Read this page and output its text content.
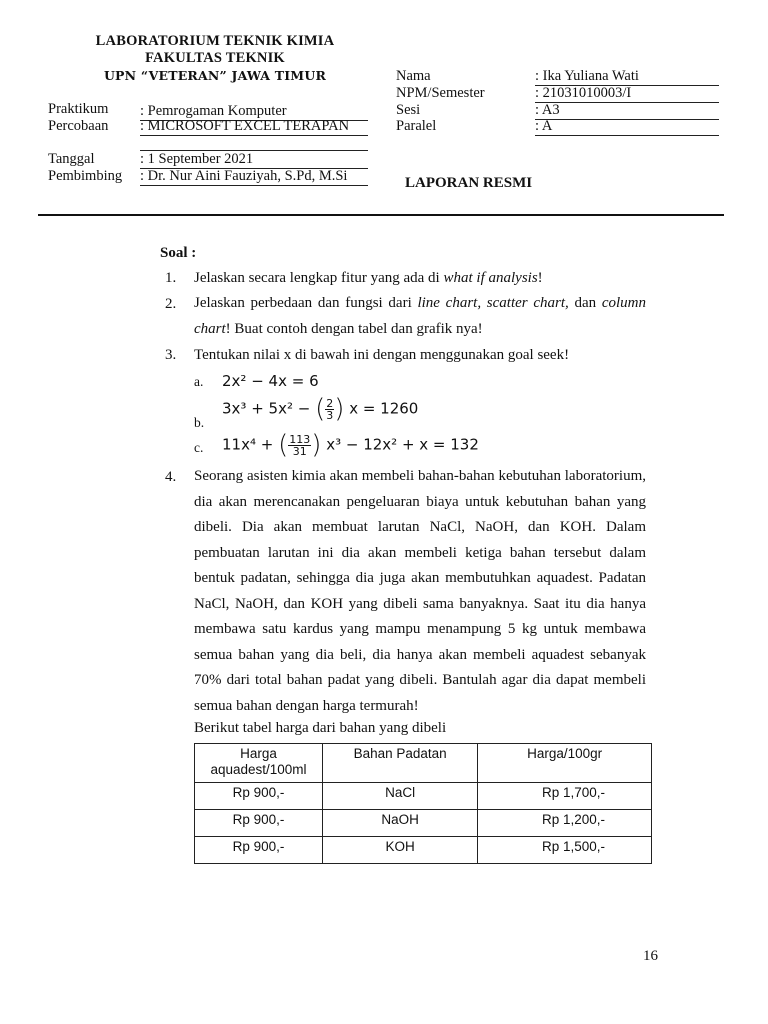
LABORATORIUM TEKNIK KIMIA
FAKULTAS TEKNIK
UPN “VETERAN” JAWA TIMUR
Praktikum : Pemrogaman Komputer
Percobaan : MICROSOFT EXCEL TERAPAN
Tanggal	: 1 September 2021
Pembimbing : Dr. Nur Aini Fauziyah, S.Pd, M.Si
Nama	: Ika Yuliana Wati
NPM/Semester	: 21031010003/I
Sesi	: A3
Paralel	: A
LAPORAN RESMI
Soal :
1. Jelaskan secara lengkap fitur yang ada di what if analysis!
2. Jelaskan perbedaan dan fungsi dari line chart, scatter chart, dan column chart! Buat contoh dengan tabel dan grafik nya!
3. Tentukan nilai x di bawah ini dengan menggunakan goal seek!
a. 2x² − 4x = 6
b.
3x³ + 5x² − ( $\frac{2}{3}$ ) x = 1260
c. 11x⁴ + ( $\frac{113}{31}$ ) x³ − 12x² + x = 132
4. Seorang asisten kimia akan membeli bahan-bahan kebutuhan laboratorium, dia akan merencanakan pengeluaran biaya untuk kebutuhan bahan yang dibeli. Dia akan membuat larutan NaCl, NaOH, dan KOH. Dalam pembuatan larutan ini dia akan membeli ketiga bahan tersebut dalam bentuk padatan, sehingga dia juga akan membutuhkan aquadest. Padatan NaCl, NaOH, dan KOH yang dibeli sama banyaknya. Saat itu dia hanya membawa satu kardus yang mampu menampung 5 kg untuk membawa semua bahan yang dia beli, dia hanya akan membeli aquadest sebanyak 70% dari total bahan padat yang dibeli. Bantulah agar dia dapat membeli semua bahan dengan harga termurah!
Berikut tabel harga dari bahan yang dibeli
Harga aquadest/100ml	Bahan Padatan	Harga/100gr
Rp 900,-	NaCl	Rp 1,700,-
Rp 900,-	NaOH	Rp 1,200,-
Rp 900,-	KOH	Rp 1,500,-
16
